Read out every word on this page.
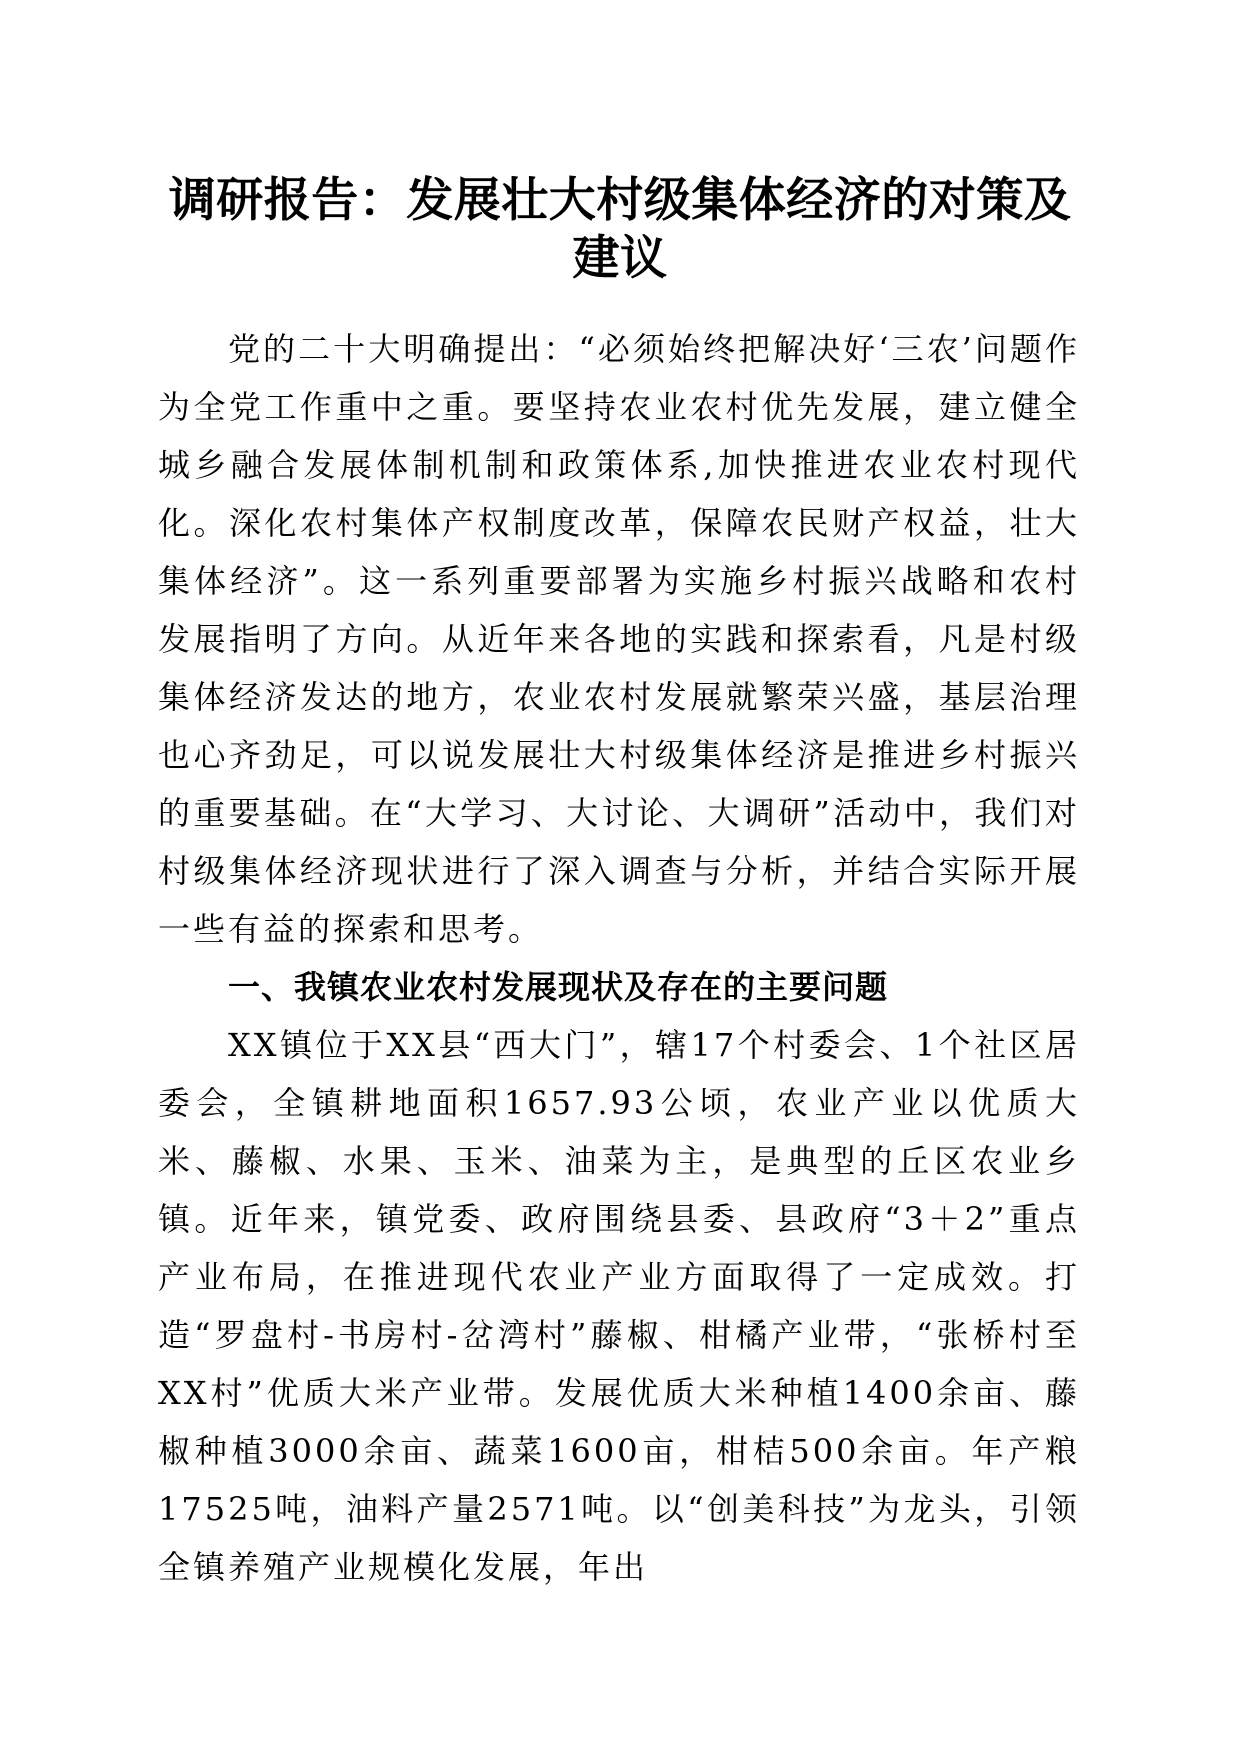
调研报告：发展壮大村级集体经济的对策及建议

党的二十大明确提出：“必须始终把解决好‘三农’问题作为全党工作重中之重。要坚持农业农村优先发展，建立健全城乡融合发展体制机制和政策体系,加快推进农业农村现代化。深化农村集体产权制度改革，保障农民财产权益，壮大集体经济”。这一系列重要部署为实施乡村振兴战略和农村发展指明了方向。从近年来各地的实践和探索看，凡是村级集体经济发达的地方，农业农村发展就繁荣兴盛，基层治理也心齐劲足，可以说发展壮大村级集体经济是推进乡村振兴的重要基础。在“大学习、大讨论、大调研”活动中，我们对村级集体经济现状进行了深入调查与分析，并结合实际开展一些有益的探索和思考。

一、我镇农业农村发展现状及存在的主要问题

XX镇位于XX县“西大门”，辖17个村委会、1个社区居委会，全镇耕地面积1657.93公顷，农业产业以优质大米、藤椒、水果、玉米、油菜为主，是典型的丘区农业乡镇。近年来，镇党委、政府围绕县委、县政府“3＋2”重点产业布局，在推进现代农业产业方面取得了一定成效。打造“罗盘村-书房村-岔湾村”藤椒、柑橘产业带，“张桥村至XX村”优质大米产业带。发展优质大米种植1400余亩、藤椒种植3000余亩、蔬菜1600亩，柑桔500余亩。年产粮17525吨，油料产量2571吨。以“创美科技”为龙头，引领全镇养殖产业规模化发展，年出
